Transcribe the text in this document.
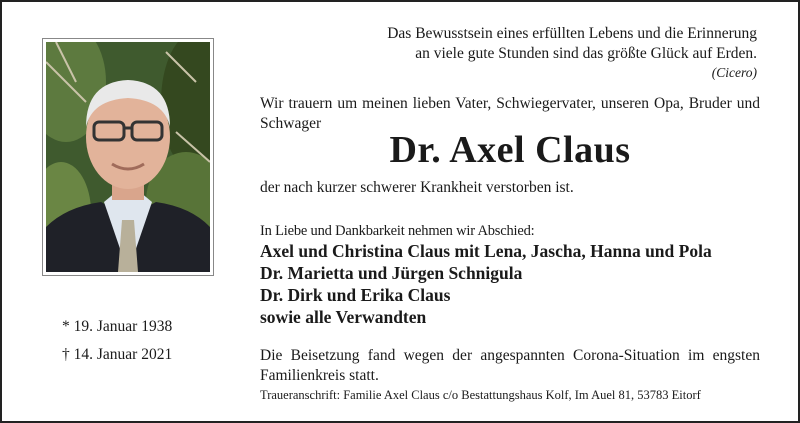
Das Bewusstsein eines erfüllten Lebens und die Erinnerung
an viele gute Stunden sind das größte Glück auf Erden.
(Cicero)
* 19. Januar 1938
† 14. Januar 2021
Wir trauern um meinen lieben Vater, Schwiegervater, unseren Opa, Bruder und Schwager
Dr. Axel Claus
der nach kurzer schwerer Krankheit verstorben ist.
In Liebe und Dankbarkeit nehmen wir Abschied:
Axel und Christina Claus mit Lena, Jascha, Hanna und Pola
Dr. Marietta und Jürgen Schnigula
Dr. Dirk und Erika Claus
sowie alle Verwandten
Die Beisetzung fand wegen der angespannten Corona-Situation im engsten Familienkreis statt.
Traueranschrift: Familie Axel Claus c/o Bestattungshaus Kolf, Im Auel 81, 53783 Eitorf
